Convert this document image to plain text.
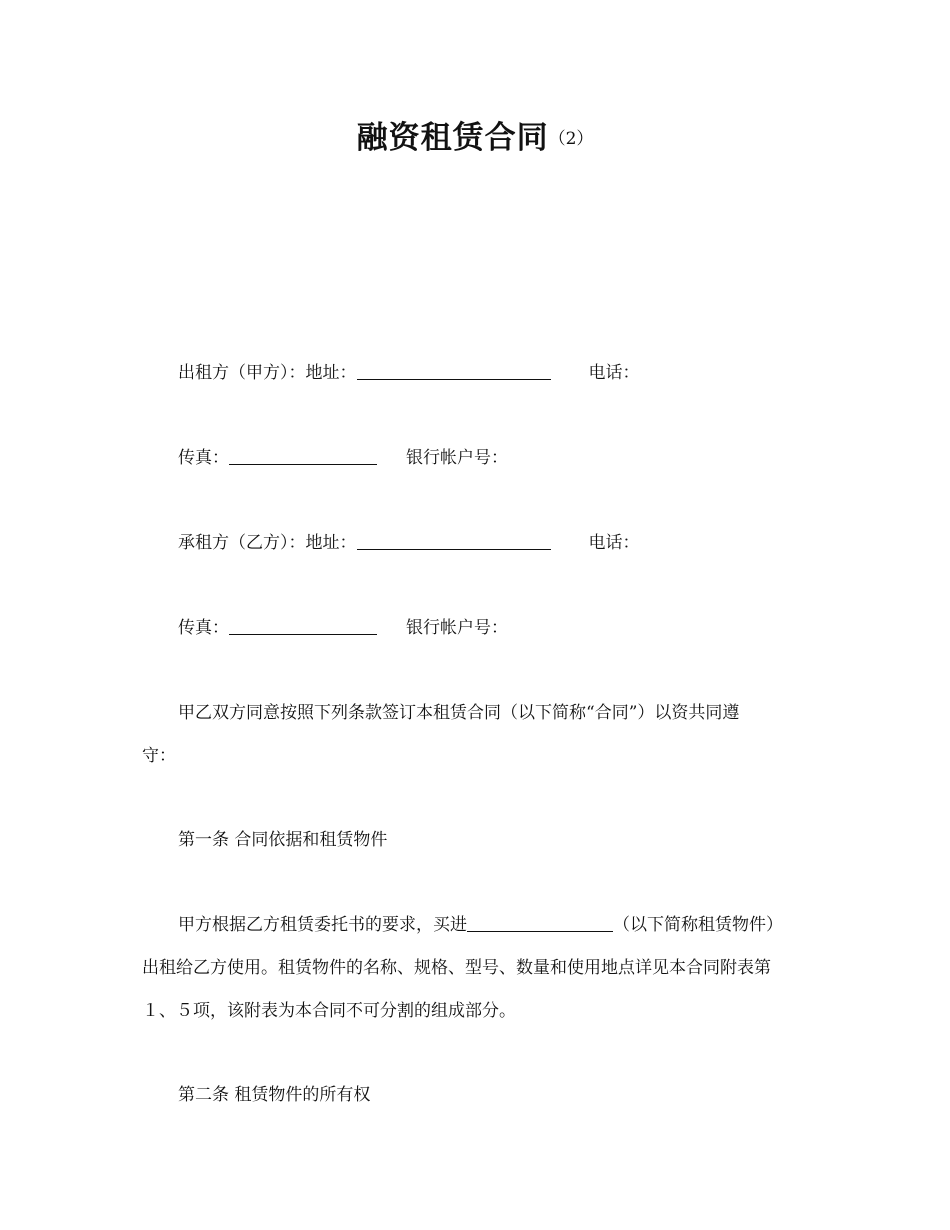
融资租赁合同（2）
出租方（甲方）：地址：	电话：
传真：	银行帐户号：
承租方（乙方）：地址：	电话：
传真：	银行帐户号：
甲乙双方同意按照下列条款签订本租赁合同（以下简称“合同”）以资共同遵
守：
第一条 合同依据和租赁物件
甲方根据乙方租赁委托书的要求，买进	（以下简称租赁物件）
出租给乙方使用。租赁物件的名称、规格、型号、数量和使用地点详见本合同附表第
１、５项，该附表为本合同不可分割的组成部分。
第二条 租赁物件的所有权
